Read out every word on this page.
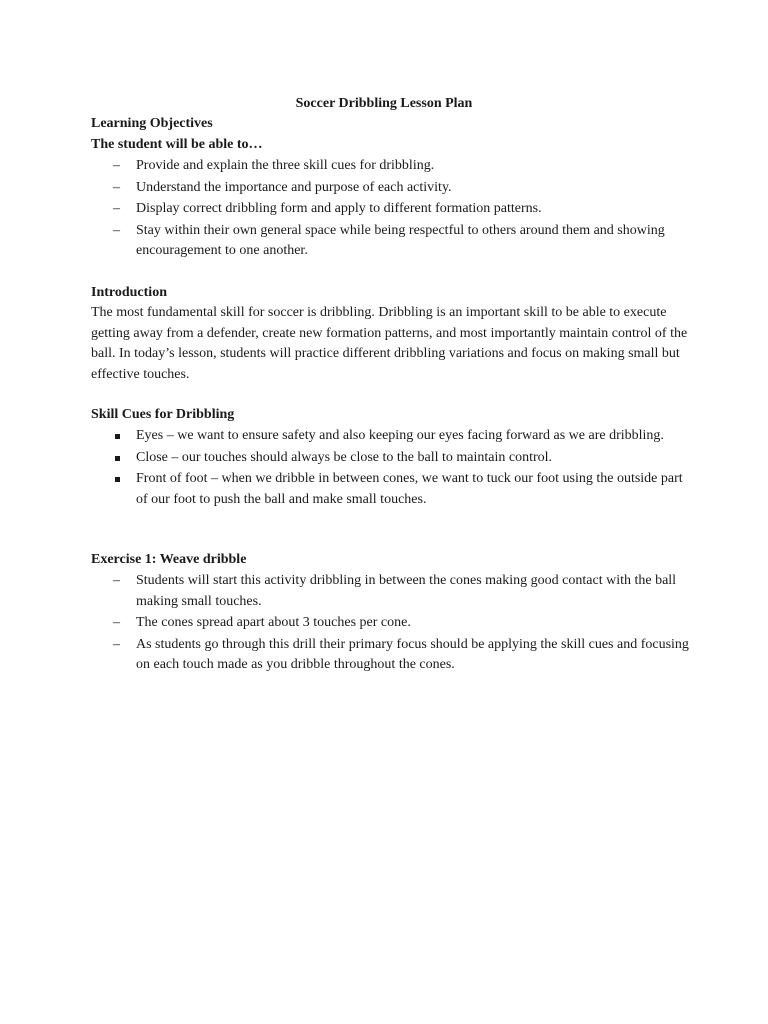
Soccer Dribbling Lesson Plan
Learning Objectives
The student will be able to…
–	Provide and explain the three skill cues for dribbling.
–	Understand the importance and purpose of each activity.
–	Display correct dribbling form and apply to different formation patterns.
–	Stay within their own general space while being respectful to others around them and showing encouragement to one another.
Introduction
The most fundamental skill for soccer is dribbling. Dribbling is an important skill to be able to execute getting away from a defender, create new formation patterns, and most importantly maintain control of the ball. In today’s lesson, students will practice different dribbling variations and focus on making small but effective touches.
Skill Cues for Dribbling
Eyes – we want to ensure safety and also keeping our eyes facing forward as we are dribbling.
Close – our touches should always be close to the ball to maintain control.
Front of foot – when we dribble in between cones, we want to tuck our foot using the outside part of our foot to push the ball and make small touches.
Exercise 1: Weave dribble
–	Students will start this activity dribbling in between the cones making good contact with the ball making small touches.
–	The cones spread apart about 3 touches per cone.
–	As students go through this drill their primary focus should be applying the skill cues and focusing on each touch made as you dribble throughout the cones.
